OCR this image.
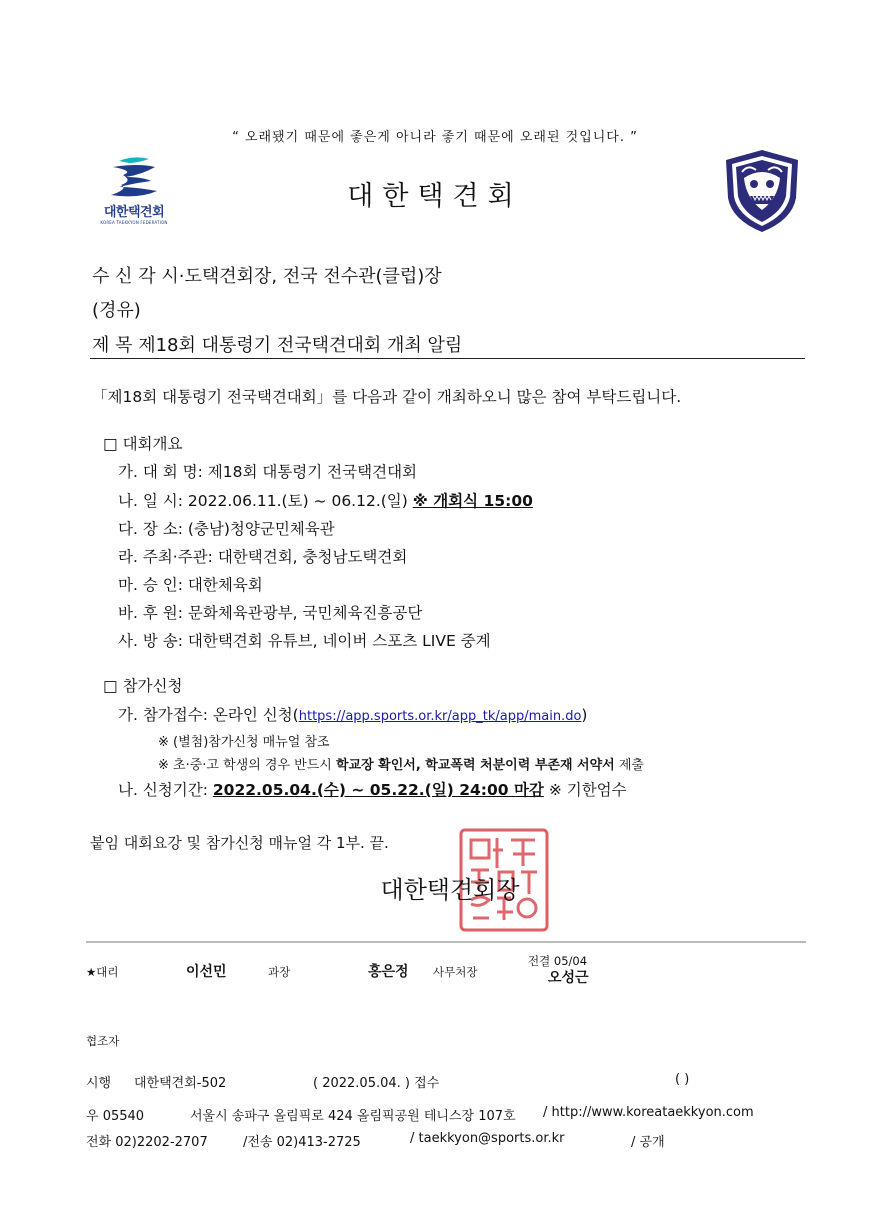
“ 오래됐기 때문에 좋은게 아니라 좋기 때문에 오래된 것입니다. ”
대한택견회
KOREA TAEKKYON FEDERATION
대한택견회
수 신 각 시·도택견회장, 전국 전수관(클럽)장
(경유)
제 목 제18회 대통령기 전국택견대회 개최 알림
「제18회 대통령기 전국택견대회」를 다음과 같이 개최하오니 많은 참여 부탁드립니다.
□ 대회개요
가. 대 회 명: 제18회 대통령기 전국택견대회
나. 일 시: 2022.06.11.(토) ~ 06.12.(일) ※ 개회식 15:00
다. 장 소: (충남)청양군민체육관
라. 주최·주관: 대한택견회, 충청남도택견회
마. 승 인: 대한체육회
바. 후 원: 문화체육관광부, 국민체육진흥공단
사. 방 송: 대한택견회 유튜브, 네이버 스포츠 LIVE 중계
□ 참가신청
가. 참가접수: 온라인 신청(https://app.sports.or.kr/app_tk/app/main.do)
※ (별첨)참가신청 매뉴얼 참조
※ 초·중·고 학생의 경우 반드시 학교장 확인서, 학교폭력 처분이력 부존재 서약서 제출
나. 신청기간: 2022.05.04.(수) ~ 05.22.(일) 24:00 마감 ※ 기한엄수
붙임 대회요강 및 참가신청 매뉴얼 각 1부. 끝.
대한택견회장
★대리	이선민	과장	홍은정 사무처장
전결 05/04
오성근
협조자
시행 대한택견회-502	( 2022.05.04. ) 접수	( )
우 05540	서울시 송파구 올림픽로 424 올림픽공원 테니스장 107호 / http://www.koreataekkyon.com
전화 02)2202-2707	/전송 02)413-2725	/ taekkyon@sports.or.kr	/ 공개
